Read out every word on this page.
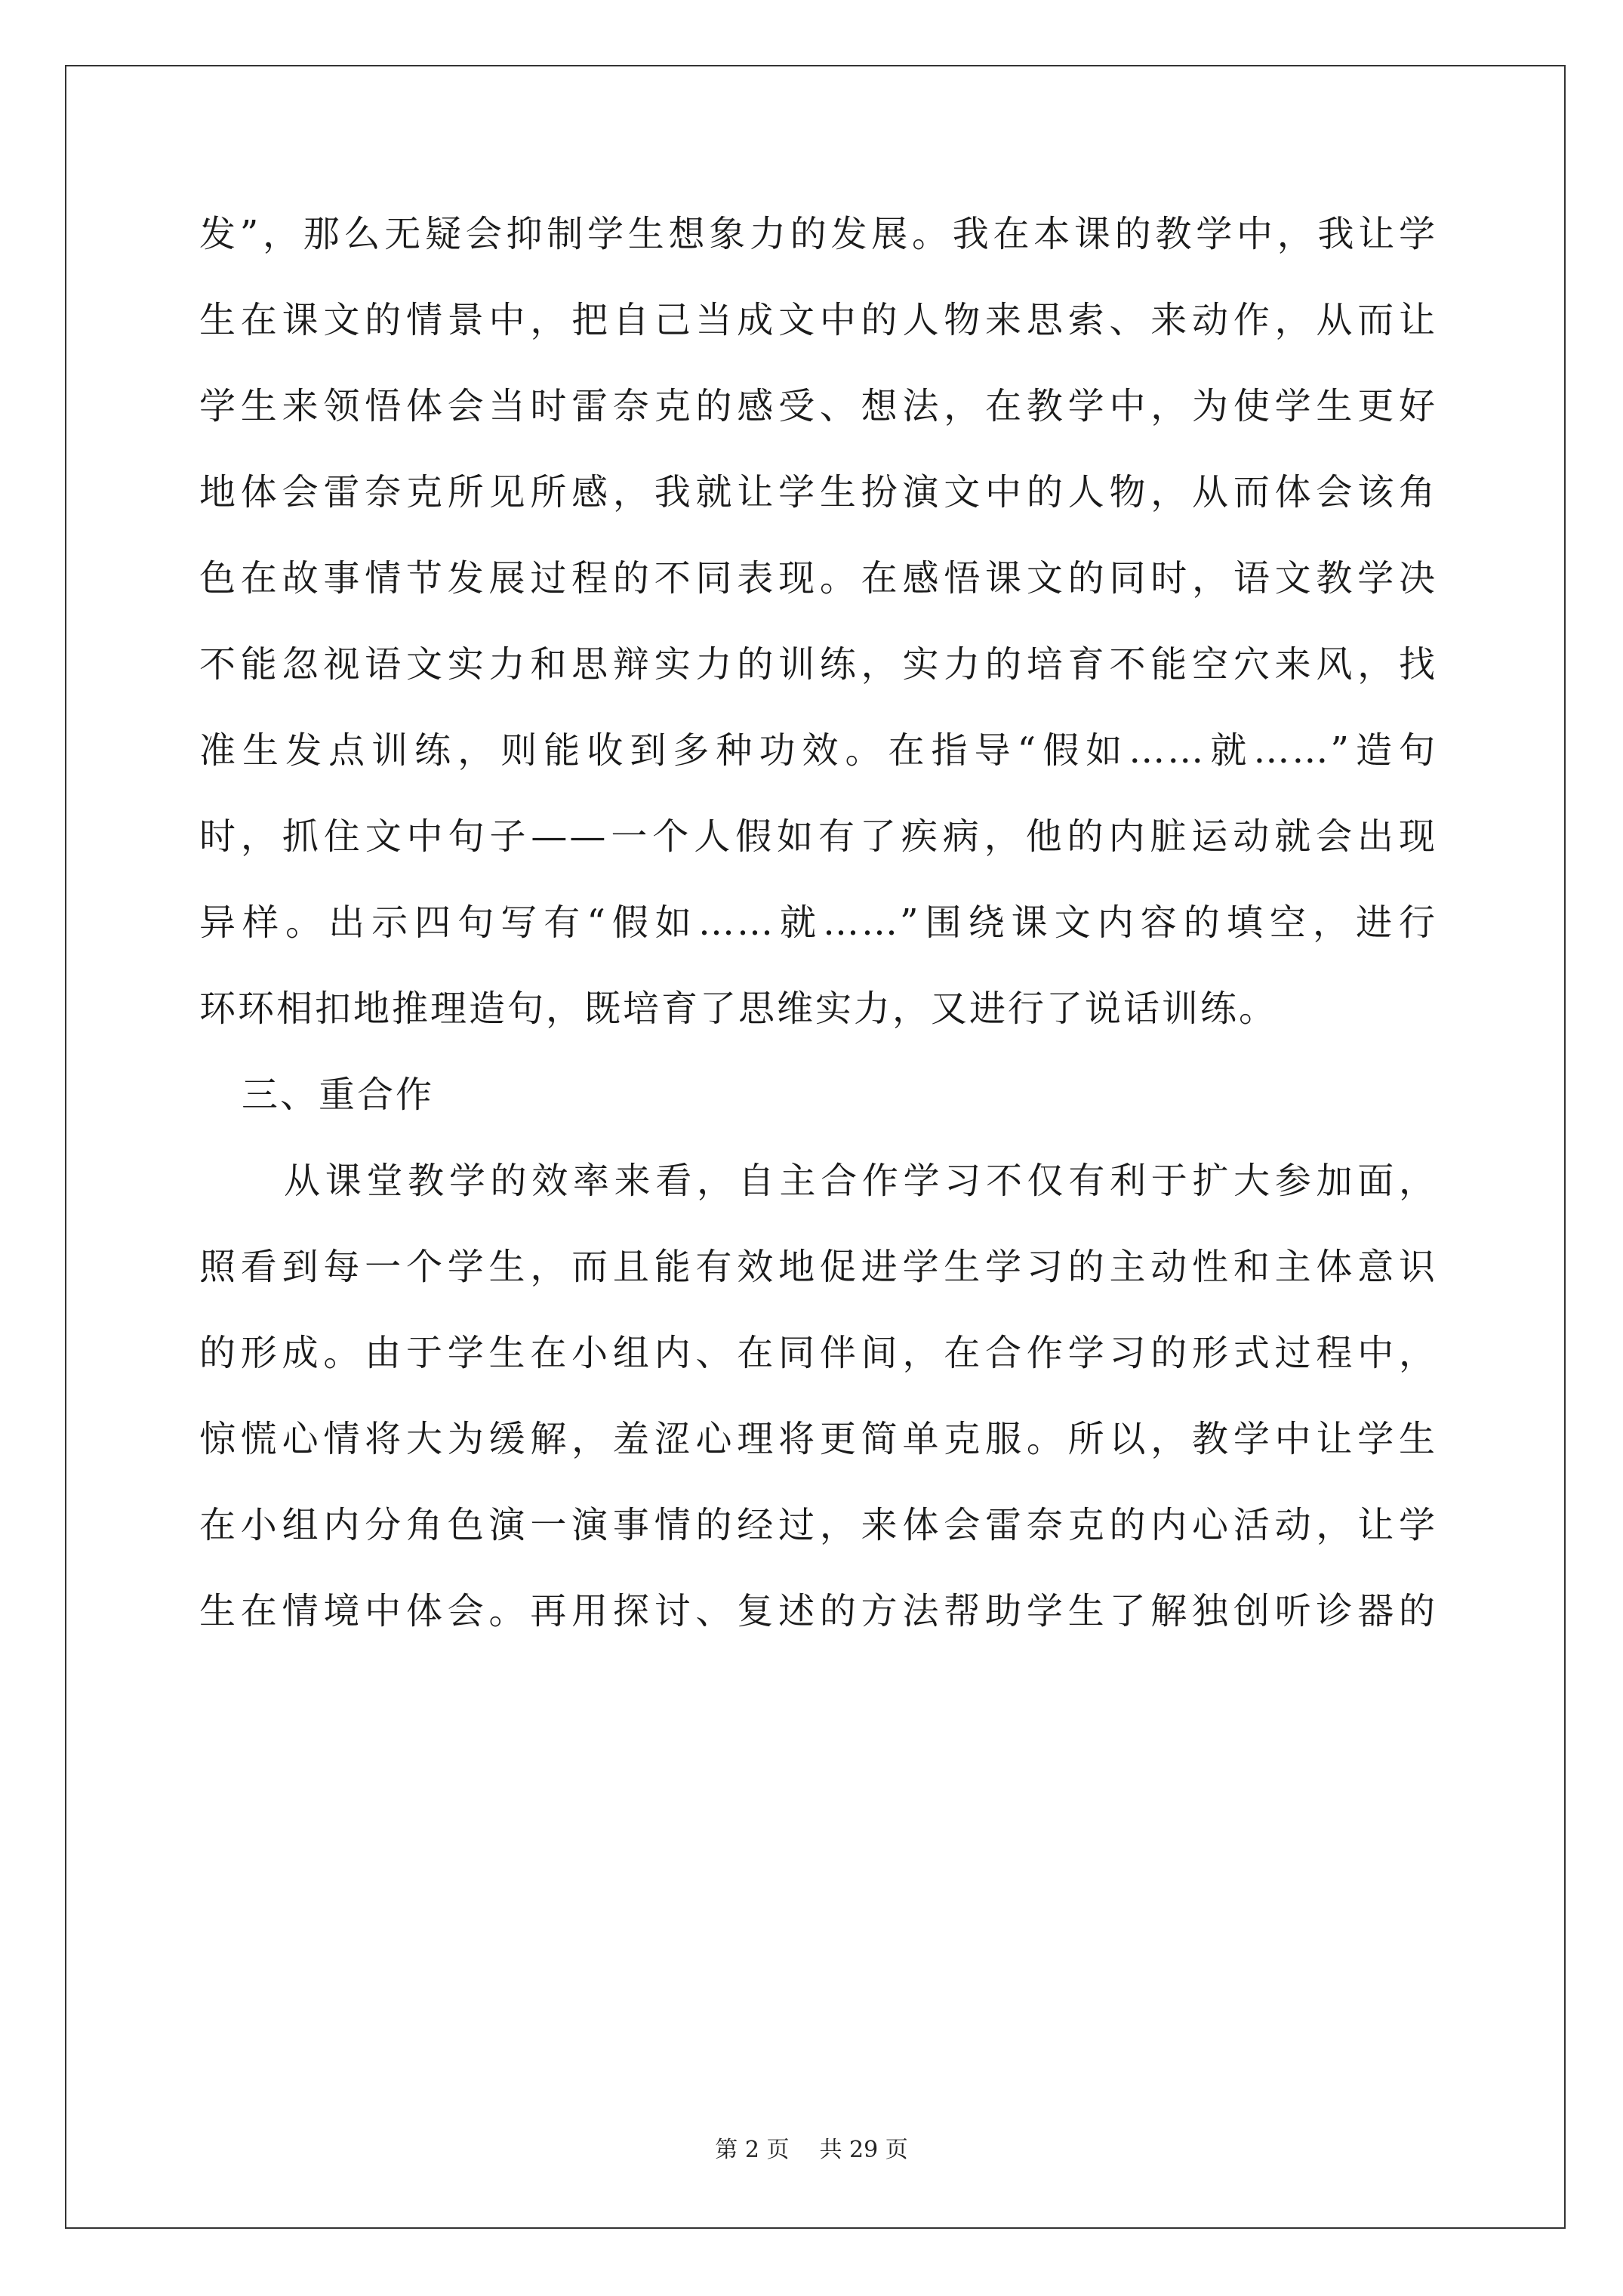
发”，那么无疑会抑制学生想象力的发展。我在本课的教学中，我让学
生在课文的情景中，把自己当成文中的人物来思索、来动作，从而让
学生来领悟体会当时雷奈克的感受、想法，在教学中，为使学生更好
地体会雷奈克所见所感，我就让学生扮演文中的人物，从而体会该角
色在故事情节发展过程的不同表现。在感悟课文的同时，语文教学决
不能忽视语文实力和思辩实力的训练，实力的培育不能空穴来风，找
准生发点训练，则能收到多种功效。在指导“假如……就……”造句
时，抓住文中句子——一个人假如有了疾病，他的内脏运动就会出现
异样。出示四句写有“假如……就……”围绕课文内容的填空，进行
环环相扣地推理造句，既培育了思维实力，又进行了说话训练。
三、重合作
从课堂教学的效率来看，自主合作学习不仅有利于扩大参加面，
照看到每一个学生，而且能有效地促进学生学习的主动性和主体意识
的形成。由于学生在小组内、在同伴间，在合作学习的形式过程中，
惊慌心情将大为缓解，羞涩心理将更简单克服。所以，教学中让学生
在小组内分角色演一演事情的经过，来体会雷奈克的内心活动，让学
生在情境中体会。再用探讨、复述的方法帮助学生了解独创听诊器的
第 2 页 共 29 页
